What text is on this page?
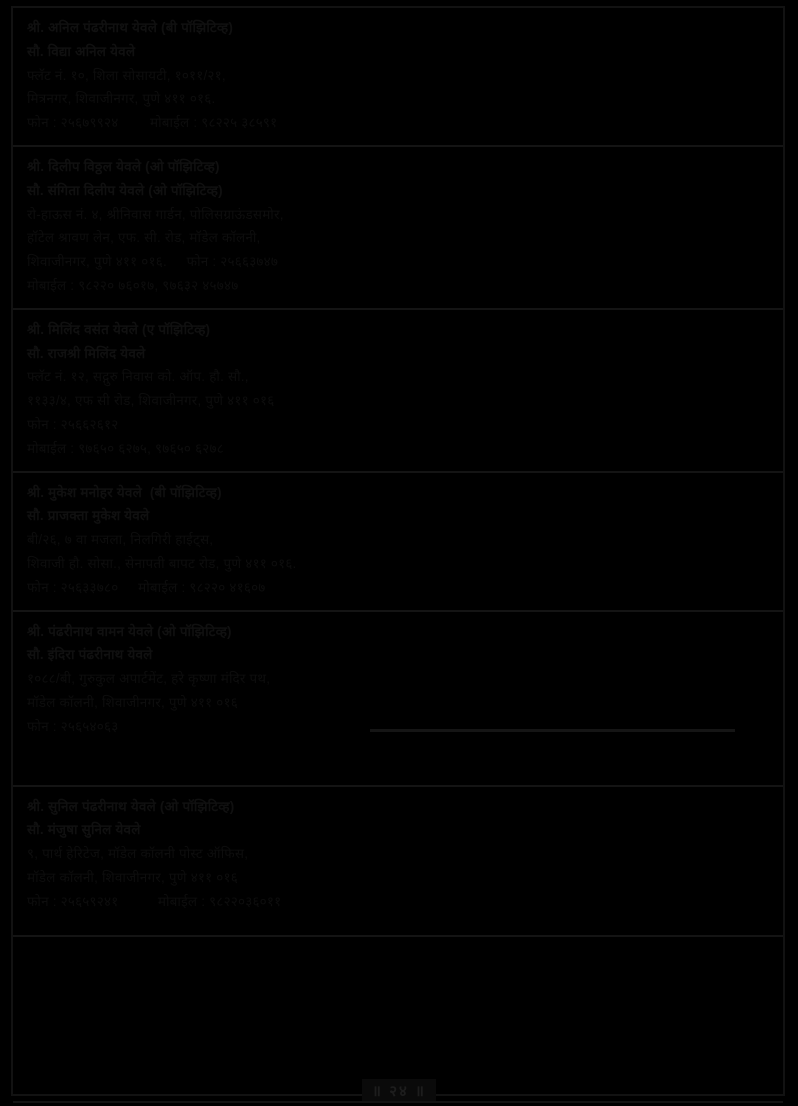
श्री. अनिल पंढरीनाथ येवले (बी पॉझिटिव्ह)
सौ. विद्या अनिल येवले
फ्लॅट नं. १०, शिला सोसायटी, १०११/२१,
मित्रनगर, शिवाजीनगर, पुणे ४११ ०१६.
फोन : २५६७९९२४        मोबाईल : ९८२२५ ३८५९१
श्री. दिलीप विठ्ठल येवले (ओ पॉझिटिव्ह)
सौ. संगिता दिलीप येवले (ओ पॉझिटिव्ह)
रो-हाऊस नं. ४, श्रीनिवास गार्डन, पोलिसग्राऊंडसमोर,
हॉटेल श्रावण लेन, एफ. सी. रोड, मॉडेल कॉलनी,
शिवाजीनगर, पुणे ४११ ०१६.     फोन : २५६६३७४७
मोबाईल : ९८२२० ७६०१७, ९७६३२ ४५७४७
श्री. मिलिंद वसंत येवले (ए पॉझिटिव्ह)
सौ. राजश्री मिलिंद येवले
फ्लॅट नं. १२, सद्गुरु निवास को. ऑप. हौ. सौ.,
११३३/४, एफ सी रोड, शिवाजीनगर, पुणे ४११ ०१६
फोन : २५६६२६१२
मोबाईल : ९७६५० ६२७५, ९७६५० ६२७८
श्री. मुकेश मनोहर येवले  (बी पॉझिटिव्ह)
सौ. प्राजक्ता मुकेश येवले
बी/२६, ७ वा मजला, निलगिरी हाईट्स,
शिवाजी हौ. सोसा., सेनापती बापट रोड, पुणे ४११ ०१६.
फोन : २५६३३७८०     मोबाईल : ९८२२० ४१६०७
श्री. पंढरीनाथ वामन येवले (ओ पॉझिटिव्ह)
सौ. इंदिरा पंढरीनाथ येवले
१०८८/बी, गुरुकुल अपार्टमेंट, हरे कृष्णा मंदिर पथ,
मॉडेल कॉलनी, शिवाजीनगर, पुणे ४११ ०१६
फोन : २५६५४०६३
श्री. सुनिल पंढरीनाथ येवले (ओ पॉझिटिव्ह)
सौ. मंजुषा सुनिल येवले
९, पार्थ हेरिटेज, मॉडेल कॉलनी पोस्ट ऑफिस,
मॉडेल कॉलनी, शिवाजीनगर, पुणे ४११ ०१६
फोन : २५६५९२४१          मोबाईल : ९८२२०३६०११
॥ २४ ॥
